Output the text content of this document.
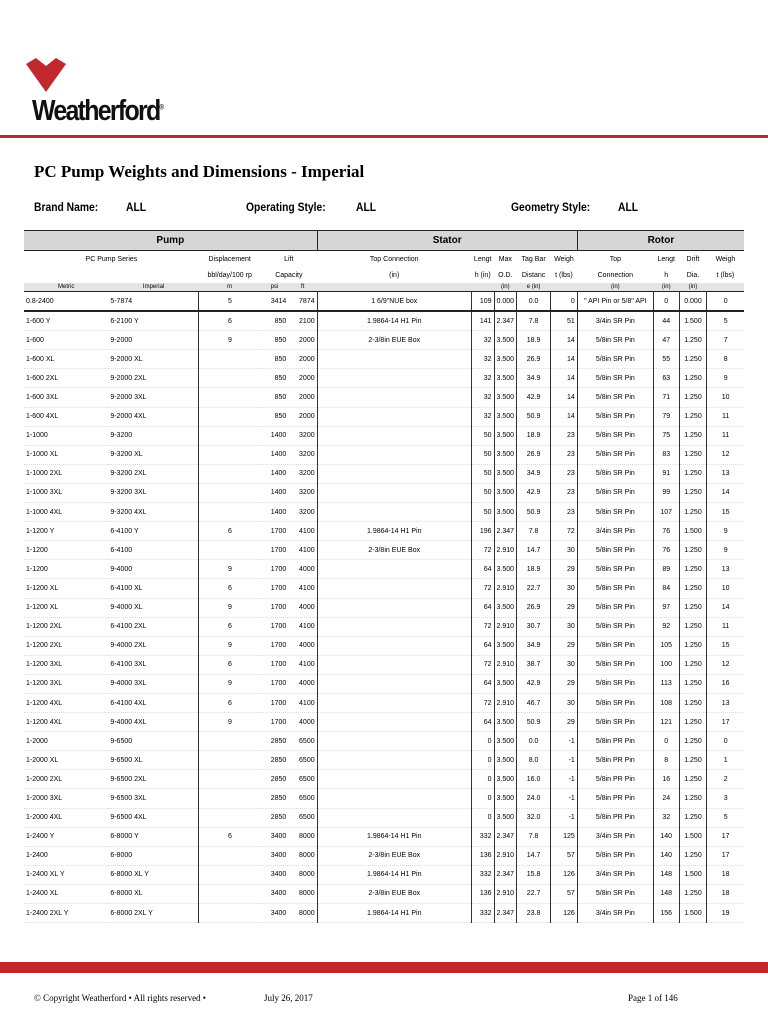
Weatherford®
PC Pump Weights and Dimensions - Imperial
Brand Name: ALL	Operating Style:	ALL	Geometry Style: ALL
Pump					Stator					Rotor			
PC Pump Series		Displacement	Lift		Top Connection	Lengt	Max	Tag Bar	Weigh	Top	Lengt	Drift	Weigh
		bbl/day/100 rp	Capacity		(in)	h (in)	O.D.	Distanc	t (lbs)	Connection	h	Dia.	t (lbs)
Metric	Imperial	m	psi	ft			(in)	e (in)		(in)	(in)	(in)	
0.8-2400	5-7874	5	3414	7874	1 6/9"NUE box	109	0.000	0.0	0	" API Pin or 5/8" API	0	0.000	0
1-600 Y	6-2100 Y	6	850	2100	1.9864-14 H1 Pin	141	2.347	7.8	51	3/4in SR Pin	44	1.500	5
1-600	9-2000	9	850	2000	2-3/8in EUE Box	32	3.500	18.9	14	5/8in SR Pin	47	1.250	7
1-600 XL	9-2000 XL		850	2000		32	3.500	26.9	14	5/8in SR Pin	55	1.250	8
1-600 2XL	9-2000 2XL		850	2000		32	3.500	34.9	14	5/8in SR Pin	63	1.250	9
1-600 3XL	9-2000 3XL		850	2000		32	3.500	42.9	14	5/8in SR Pin	71	1.250	10
1-600 4XL	9-2000 4XL		850	2000		32	3.500	50.9	14	5/8in SR Pin	79	1.250	11
1-1000	9-3200		1400	3200		50	3.500	18.9	23	5/8in SR Pin	75	1.250	11
1-1000 XL	9-3200 XL		1400	3200		50	3.500	26.9	23	5/8in SR Pin	83	1.250	12
1-1000 2XL	9-3200 2XL		1400	3200		50	3.500	34.9	23	5/8in SR Pin	91	1.250	13
1-1000 3XL	9-3200 3XL		1400	3200		50	3.500	42.9	23	5/8in SR Pin	99	1.250	14
1-1000 4XL	9-3200 4XL		1400	3200		50	3.500	50.9	23	5/8in SR Pin	107	1.250	15
1-1200 Y	6-4100 Y	6	1700	4100	1.9864-14 H1 Pin	196	2.347	7.8	72	3/4in SR Pin	76	1.500	9
1-1200	6-4100		1700	4100	2-3/8in EUE Box	72	2.910	14.7	30	5/8in SR Pin	76	1.250	9
1-1200	9-4000	9	1700	4000		64	3.500	18.9	29	5/8in SR Pin	89	1.250	13
1-1200 XL	6-4100 XL	6	1700	4100		72	2.910	22.7	30	5/8in SR Pin	84	1.250	10
1-1200 XL	9-4000 XL	9	1700	4000		64	3.500	26.9	29	5/8in SR Pin	97	1.250	14
1-1200 2XL	6-4100 2XL	6	1700	4100		72	2.910	30.7	30	5/8in SR Pin	92	1.250	11
1-1200 2XL	9-4000 2XL	9	1700	4000		64	3.500	34.9	29	5/8in SR Pin	105	1.250	15
1-1200 3XL	6-4100 3XL	6	1700	4100		72	2.910	38.7	30	5/8in SR Pin	100	1.250	12
1-1200 3XL	9-4000 3XL	9	1700	4000		64	3.500	42.9	29	5/8in SR Pin	113	1.250	16
1-1200 4XL	6-4100 4XL	6	1700	4100		72	2.910	46.7	30	5/8in SR Pin	108	1.250	13
1-1200 4XL	9-4000 4XL	9	1700	4000		64	3.500	50.9	29	5/8in SR Pin	121	1.250	17
1-2000	9-6500		2850	6500		0	3.500	0.0	-1	5/8in PR Pin	0	1.250	0
1-2000 XL	9-6500 XL		2850	6500		0	3.500	8.0	-1	5/8in PR Pin	8	1.250	1
1-2000 2XL	9-6500 2XL		2850	6500		0	3.500	16.0	-1	5/8in PR Pin	16	1.250	2
1-2000 3XL	9-6500 3XL		2850	6500		0	3.500	24.0	-1	5/8in PR Pin	24	1.250	3
1-2000 4XL	9-6500 4XL		2850	6500		0	3.500	32.0	-1	5/8in PR Pin	32	1.250	5
1-2400 Y	6-8000 Y	6	3400	8000	1.9864-14 H1 Pin	332	2.347	7.8	125	3/4in SR Pin	140	1.500	17
1-2400	6-8000		3400	8000	2-3/8in EUE Box	136	2.910	14.7	57	5/8in SR Pin	140	1.250	17
1-2400 XL Y	6-8000 XL Y		3400	8000	1.9864-14 H1 Pin	332	2.347	15.8	126	3/4in SR Pin	148	1.500	18
1-2400 XL	6-8000 XL		3400	8000	2-3/8in EUE Box	136	2.910	22.7	57	5/8in SR Pin	148	1.250	18
1-2400 2XL Y	6-8000 2XL Y		3400	8000	1.9864-14 H1 Pin	332	2.347	23.8	126	3/4in SR Pin	156	1.500	19
© Copyright Weatherford • All rights reserved •	July 26, 2017	Page 1 of 146
